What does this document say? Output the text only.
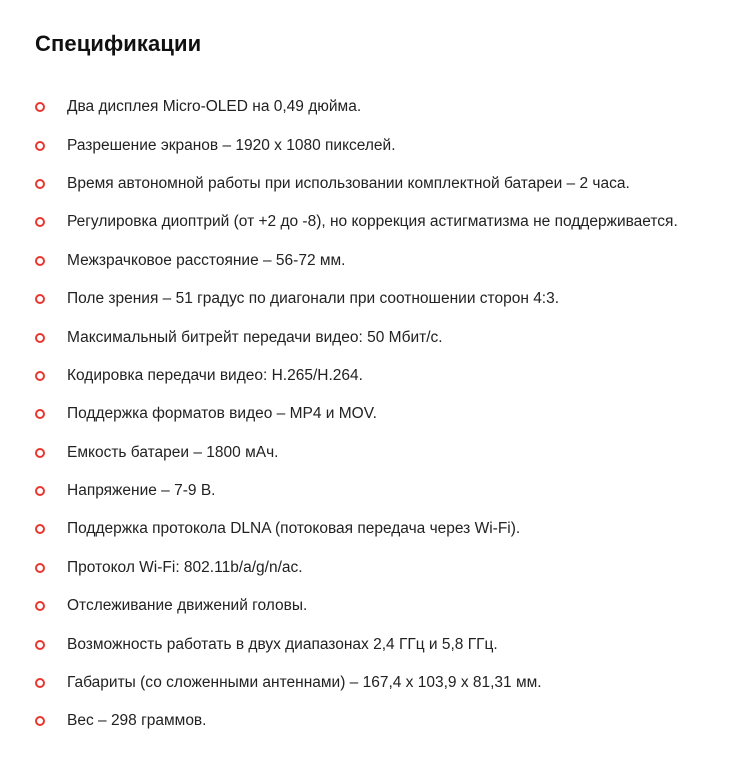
Спецификации
Два дисплея Micro-OLED на 0,49 дюйма.
Разрешение экранов – 1920 х 1080 пикселей.
Время автономной работы при использовании комплектной батареи – 2 часа.
Регулировка диоптрий (от +2 до -8), но коррекция астигматизма не поддерживается.
Межзрачковое расстояние – 56-72 мм.
Поле зрения – 51 градус по диагонали при соотношении сторон 4:3.
Максимальный битрейт передачи видео: 50 Мбит/с.
Кодировка передачи видео: H.265/H.264.
Поддержка форматов видео – MP4 и MOV.
Емкость батареи – 1800 мАч.
Напряжение – 7-9 В.
Поддержка протокола DLNA (потоковая передача через Wi-Fi).
Протокол Wi-Fi: 802.11b/a/g/n/ac.
Отслеживание движений головы.
Возможность работать в двух диапазонах 2,4 ГГц и 5,8 ГГц.
Габариты (со сложенными антеннами) – 167,4 х 103,9 х 81,31 мм.
Вес – 298 граммов.
